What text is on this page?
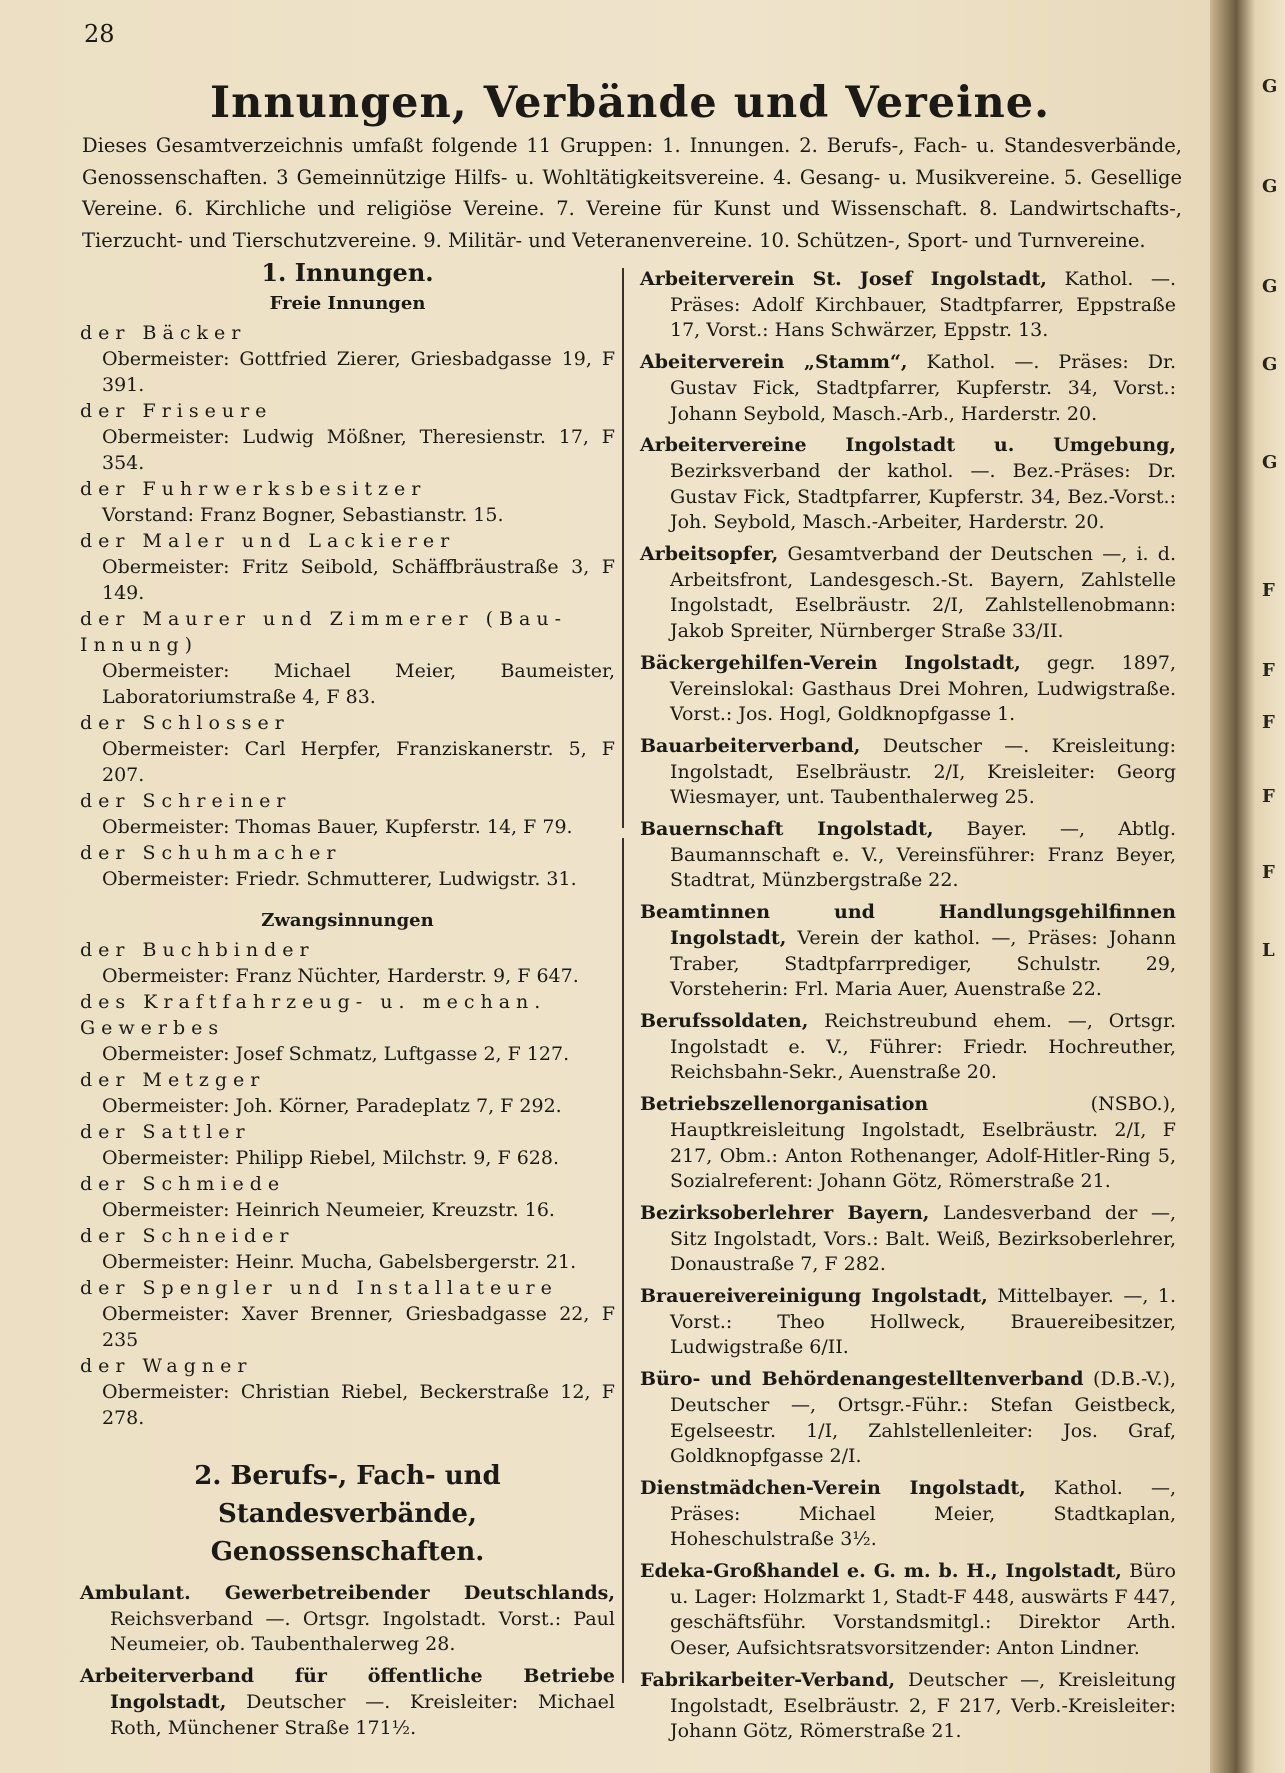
28
Innungen, Verbände und Vereine.
Dieses Gesamtverzeichnis umfaßt folgende 11 Gruppen: 1. Innungen. 2. Berufs-, Fach- u. Standesverbände, Genossenschaften. 3 Gemeinnützige Hilfs- u. Wohltätigkeitsvereine. 4. Gesang- u. Musikvereine. 5. Gesellige Vereine. 6. Kirchliche und religiöse Vereine. 7. Vereine für Kunst und Wissenschaft. 8. Landwirtschafts-, Tierzucht- und Tierschutzvereine. 9. Militär- und Veteranenvereine. 10. Schützen-, Sport- und Turnvereine.
1. Innungen.
Freie Innungen
der Bäcker
Obermeister: Gottfried Zierer, Griesbadgasse 19, F 391.
der Friseure
Obermeister: Ludwig Mößner, Theresienstr. 17, F 354.
der Fuhrwerksbesitzer
Vorstand: Franz Bogner, Sebastianstr. 15.
der Maler und Lackierer
Obermeister: Fritz Seibold, Schäffbräustraße 3, F 149.
der Maurer und Zimmerer (Bau-Innung)
Obermeister: Michael Meier, Baumeister, Laboratoriumstraße 4, F 83.
der Schlosser
Obermeister: Carl Herpfer, Franziskanerstr. 5, F 207.
der Schreiner
Obermeister: Thomas Bauer, Kupferstr. 14, F 79.
der Schuhmacher
Obermeister: Friedr. Schmutterer, Ludwigstr. 31.
Zwangsinnungen
der Buchbinder
Obermeister: Franz Nüchter, Harderstr. 9, F 647.
des Kraftfahrzeug- u. mechan. Gewerbes
Obermeister: Josef Schmatz, Luftgasse 2, F 127.
der Metzger
Obermeister: Joh. Körner, Paradeplatz 7, F 292.
der Sattler
Obermeister: Philipp Riebel, Milchstr. 9, F 628.
der Schmiede
Obermeister: Heinrich Neumeier, Kreuzstr. 16.
der Schneider
Obermeister: Heinr. Mucha, Gabelsbergerstr. 21.
der Spengler und Installateure
Obermeister: Xaver Brenner, Griesbadgasse 22, F 235
der Wagner
Obermeister: Christian Riebel, Beckerstraße 12, F 278.
2. Berufs-, Fach- und Standesverbände,
Genossenschaften.
Ambulant. Gewerbetreibender Deutschlands, Reichsverband —. Ortsgr. Ingolstadt. Vorst.: Paul Neumeier, ob. Taubenthalerweg 28.
Arbeiterverband für öffentliche Betriebe Ingolstadt, Deutscher —. Kreisleiter: Michael Roth, Münchener Straße 171½.
Arbeiterverein St. Josef Ingolstadt, Kathol. —. Präses: Adolf Kirchbauer, Stadtpfarrer, Eppstraße 17, Vorst.: Hans Schwärzer, Eppstr. 13.
Abeiterverein „Stamm“, Kathol. —. Präses: Dr. Gustav Fick, Stadtpfarrer, Kupferstr. 34, Vorst.: Johann Seybold, Masch.-Arb., Harderstr. 20.
Arbeitervereine Ingolstadt u. Umgebung, Bezirksverband der kathol. —. Bez.-Präses: Dr. Gustav Fick, Stadtpfarrer, Kupferstr. 34, Bez.-Vorst.: Joh. Seybold, Masch.-Arbeiter, Harderstr. 20.
Arbeitsopfer, Gesamtverband der Deutschen —, i. d. Arbeitsfront, Landesgesch.-St. Bayern, Zahlstelle Ingolstadt, Eselbräustr. 2/I, Zahlstellenobmann: Jakob Spreiter, Nürnberger Straße 33/II.
Bäckergehilfen-Verein Ingolstadt, gegr. 1897, Vereinslokal: Gasthaus Drei Mohren, Ludwigstraße. Vorst.: Jos. Hogl, Goldknopfgasse 1.
Bauarbeiterverband, Deutscher —. Kreisleitung: Ingolstadt, Eselbräustr. 2/I, Kreisleiter: Georg Wiesmayer, unt. Taubenthalerweg 25.
Bauernschaft Ingolstadt, Bayer. —, Abtlg. Baumannschaft e. V., Vereinsführer: Franz Beyer, Stadtrat, Münzbergstraße 22.
Beamtinnen und Handlungsgehilfinnen Ingolstadt, Verein der kathol. —, Präses: Johann Traber, Stadtpfarrprediger, Schulstr. 29, Vorsteherin: Frl. Maria Auer, Auenstraße 22.
Berufssoldaten, Reichstreubund ehem. —, Ortsgr. Ingolstadt e. V., Führer: Friedr. Hochreuther, Reichsbahn-Sekr., Auenstraße 20.
Betriebszellenorganisation (NSBO.), Hauptkreisleitung Ingolstadt, Eselbräustr. 2/I, F 217, Obm.: Anton Rothenanger, Adolf-Hitler-Ring 5, Sozialreferent: Johann Götz, Römerstraße 21.
Bezirksoberlehrer Bayern, Landesverband der —, Sitz Ingolstadt, Vors.: Balt. Weiß, Bezirksoberlehrer, Donaustraße 7, F 282.
Brauereivereinigung Ingolstadt, Mittelbayer. —, 1. Vorst.: Theo Hollweck, Brauereibesitzer, Ludwigstraße 6/II.
Büro- und Behördenangestelltenverband (D.B.-V.), Deutscher —, Ortsgr.-Führ.: Stefan Geistbeck, Egelseestr. 1/I, Zahlstellenleiter: Jos. Graf, Goldknopfgasse 2/I.
Dienstmädchen-Verein Ingolstadt, Kathol. —, Präses: Michael Meier, Stadtkaplan, Hoheschulstraße 3½.
Edeka-Großhandel e. G. m. b. H., Ingolstadt, Büro u. Lager: Holzmarkt 1, Stadt-F 448, auswärts F 447, geschäftsführ. Vorstandsmitgl.: Direktor Arth. Oeser, Aufsichtsratsvorsitzender: Anton Lindner.
Fabrikarbeiter-Verband, Deutscher —, Kreisleitung Ingolstadt, Eselbräustr. 2, F 217, Verb.-Kreisleiter: Johann Götz, Römerstraße 21.
G
G
G
G
G
F
F
F
F
F
L
